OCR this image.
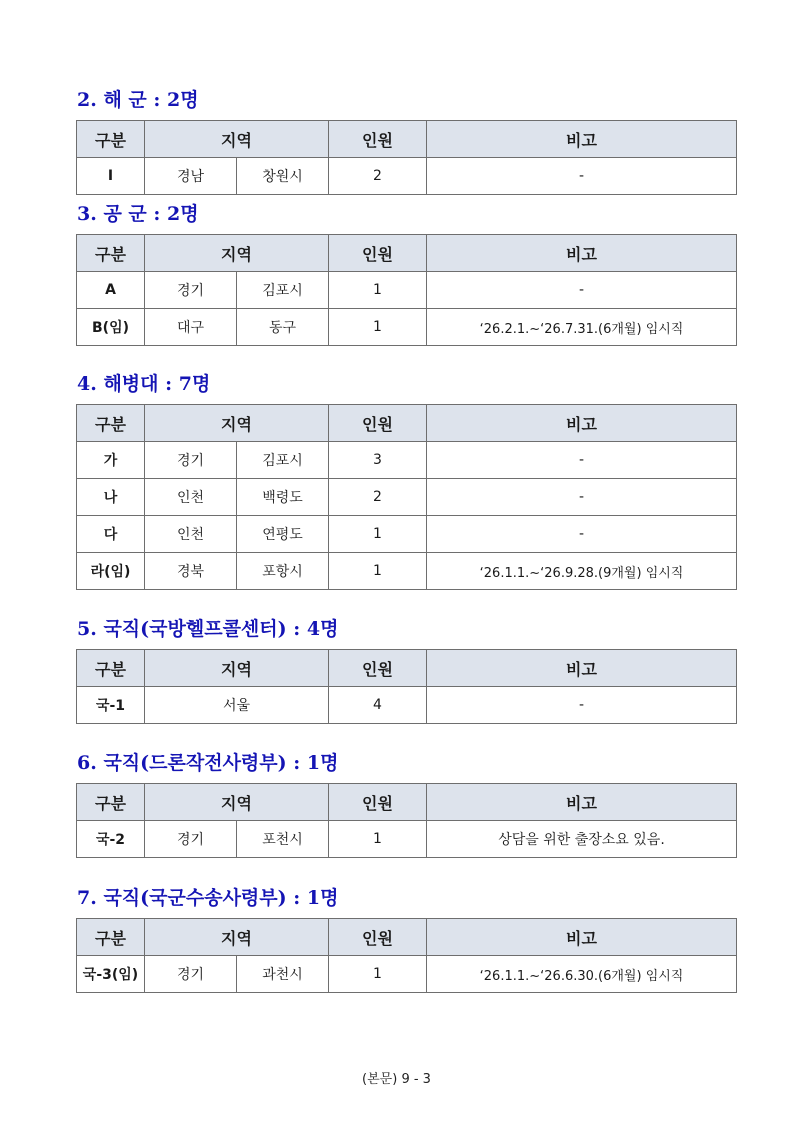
2. 해 군 : 2명
구분	지역		인원	비고
I	경남	창원시	2	-
3. 공 군 : 2명
구분	지역		인원	비고
A	경기	김포시	1	-
B(임)	대구	동구	1	‘26.2.1.~‘26.7.31.(6개월) 임시직
4. 해병대 : 7명
구분	지역		인원	비고
가	경기	김포시	3	-
나	인천	백령도	2	-
다	인천	연평도	1	-
라(임)	경북	포항시	1	‘26.1.1.~‘26.9.28.(9개월) 임시직
5. 국직(국방헬프콜센터) : 4명
구분	지역	인원	비고
국-1	서울	4	-
6. 국직(드론작전사령부) : 1명
구분	지역		인원	비고
국-2	경기	포천시	1	상담을 위한 출장소요 있음.
7. 국직(국군수송사령부) : 1명
구분	지역		인원	비고
국-3(임)	경기	과천시	1	‘26.1.1.~‘26.6.30.(6개월) 임시직
(본문) 9 - 3
